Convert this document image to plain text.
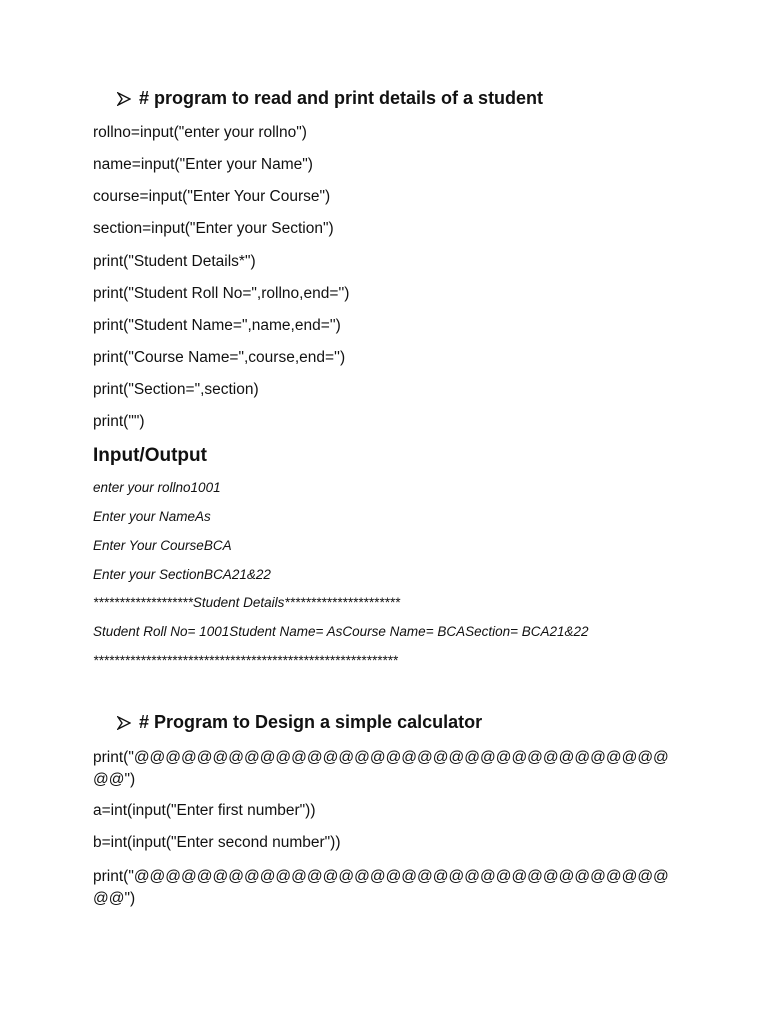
# program to read and print details of a student
rollno=input("enter your rollno")
name=input("Enter your Name")
course=input("Enter Your Course")
section=input("Enter your Section")
print("Student Details*")
print("Student Roll No=",rollno,end='')
print("Student Name=",name,end='')
print("Course Name=",course,end='')
print("Section=",section)
print("")
Input/Output
enter your rollno1001
Enter your NameAs
Enter Your CourseBCA
Enter your SectionBCA21&22
*******************Student Details**********************
Student Roll No= 1001Student Name= AsCourse Name= BCASection= BCA21&22
**********************************************************
# Program to Design a simple calculator
print("@@@@@@@@@@@@@@@@@@@@@@@@@@@@@@@@@@@@")
a=int(input("Enter first number"))
b=int(input("Enter second number"))
print("@@@@@@@@@@@@@@@@@@@@@@@@@@@@@@@@@@@@")
